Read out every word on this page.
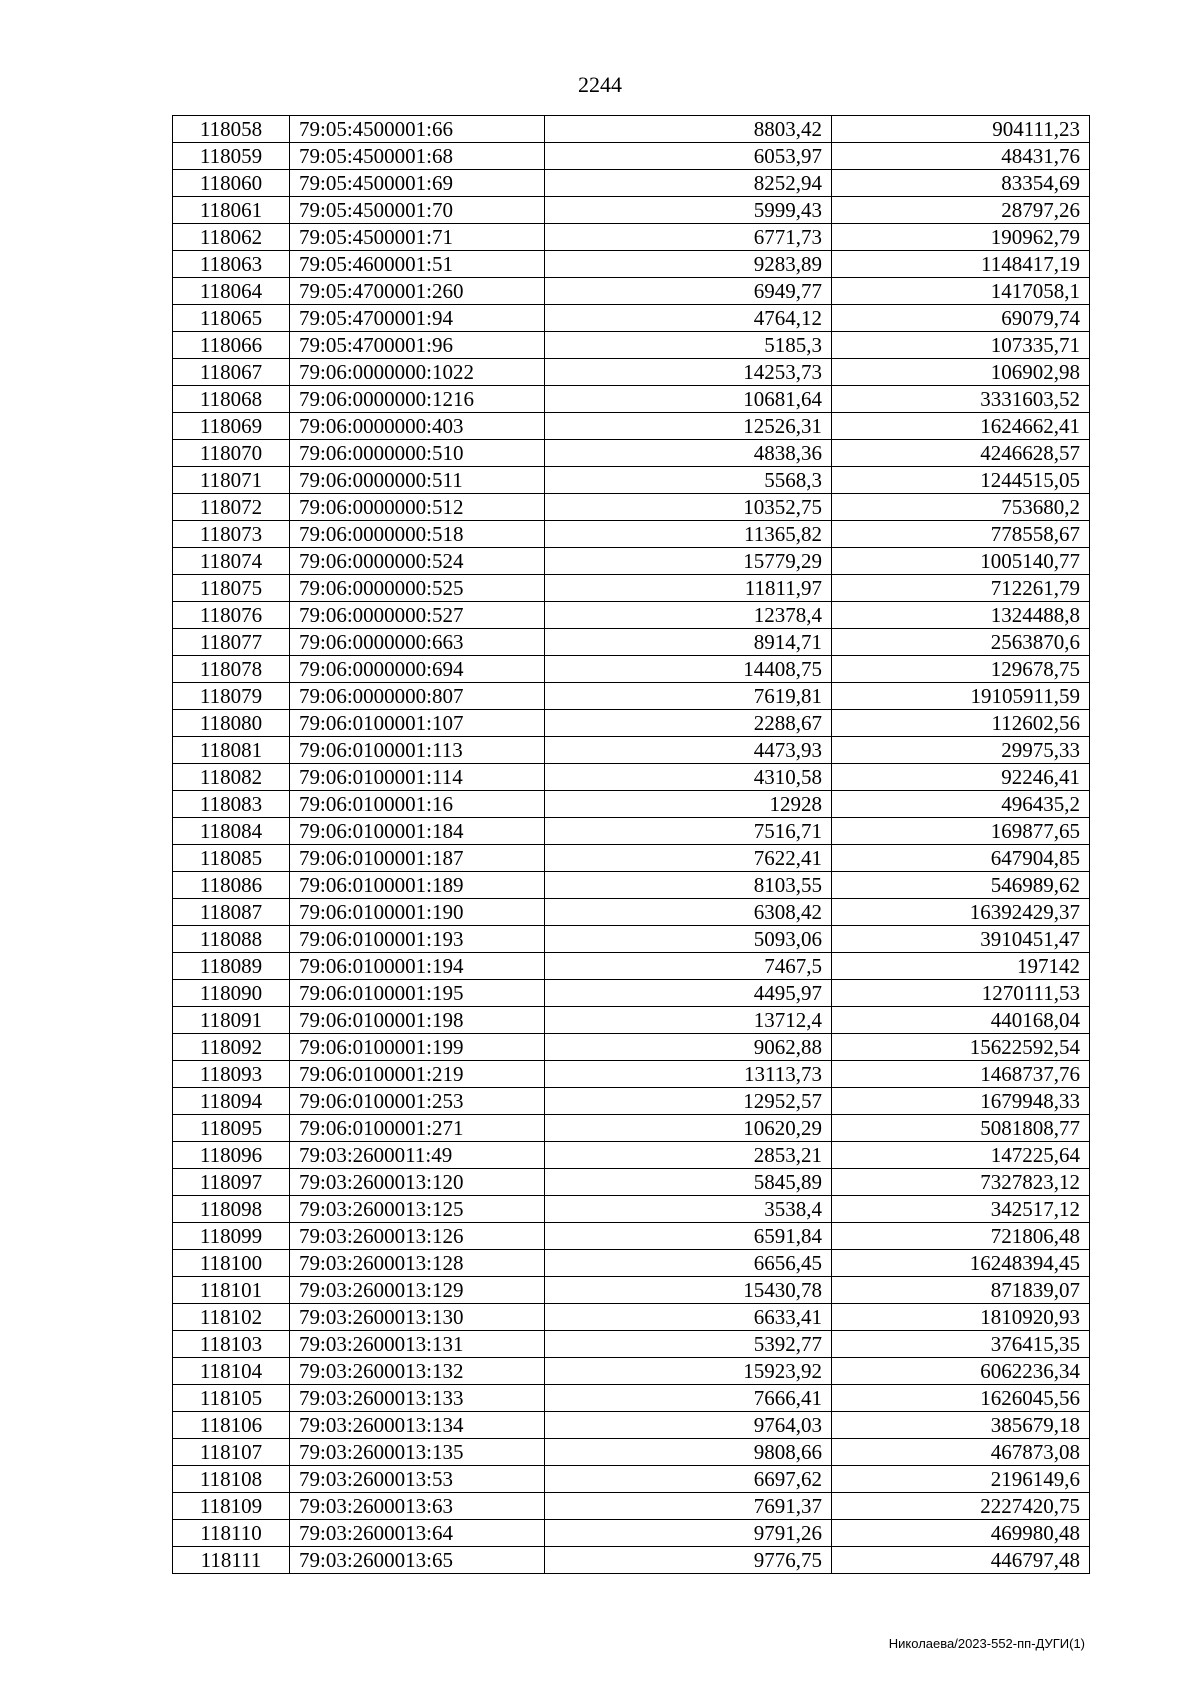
2244
118058	79:05:4500001:66	8803,42	904111,23
118059	79:05:4500001:68	6053,97	48431,76
118060	79:05:4500001:69	8252,94	83354,69
118061	79:05:4500001:70	5999,43	28797,26
118062	79:05:4500001:71	6771,73	190962,79
118063	79:05:4600001:51	9283,89	1148417,19
118064	79:05:4700001:260	6949,77	1417058,1
118065	79:05:4700001:94	4764,12	69079,74
118066	79:05:4700001:96	5185,3	107335,71
118067	79:06:0000000:1022	14253,73	106902,98
118068	79:06:0000000:1216	10681,64	3331603,52
118069	79:06:0000000:403	12526,31	1624662,41
118070	79:06:0000000:510	4838,36	4246628,57
118071	79:06:0000000:511	5568,3	1244515,05
118072	79:06:0000000:512	10352,75	753680,2
118073	79:06:0000000:518	11365,82	778558,67
118074	79:06:0000000:524	15779,29	1005140,77
118075	79:06:0000000:525	11811,97	712261,79
118076	79:06:0000000:527	12378,4	1324488,8
118077	79:06:0000000:663	8914,71	2563870,6
118078	79:06:0000000:694	14408,75	129678,75
118079	79:06:0000000:807	7619,81	19105911,59
118080	79:06:0100001:107	2288,67	112602,56
118081	79:06:0100001:113	4473,93	29975,33
118082	79:06:0100001:114	4310,58	92246,41
118083	79:06:0100001:16	12928	496435,2
118084	79:06:0100001:184	7516,71	169877,65
118085	79:06:0100001:187	7622,41	647904,85
118086	79:06:0100001:189	8103,55	546989,62
118087	79:06:0100001:190	6308,42	16392429,37
118088	79:06:0100001:193	5093,06	3910451,47
118089	79:06:0100001:194	7467,5	197142
118090	79:06:0100001:195	4495,97	1270111,53
118091	79:06:0100001:198	13712,4	440168,04
118092	79:06:0100001:199	9062,88	15622592,54
118093	79:06:0100001:219	13113,73	1468737,76
118094	79:06:0100001:253	12952,57	1679948,33
118095	79:06:0100001:271	10620,29	5081808,77
118096	79:03:2600011:49	2853,21	147225,64
118097	79:03:2600013:120	5845,89	7327823,12
118098	79:03:2600013:125	3538,4	342517,12
118099	79:03:2600013:126	6591,84	721806,48
118100	79:03:2600013:128	6656,45	16248394,45
118101	79:03:2600013:129	15430,78	871839,07
118102	79:03:2600013:130	6633,41	1810920,93
118103	79:03:2600013:131	5392,77	376415,35
118104	79:03:2600013:132	15923,92	6062236,34
118105	79:03:2600013:133	7666,41	1626045,56
118106	79:03:2600013:134	9764,03	385679,18
118107	79:03:2600013:135	9808,66	467873,08
118108	79:03:2600013:53	6697,62	2196149,6
118109	79:03:2600013:63	7691,37	2227420,75
118110	79:03:2600013:64	9791,26	469980,48
118111	79:03:2600013:65	9776,75	446797,48
Николаева/2023-552-пп-ДУГИ(1)
